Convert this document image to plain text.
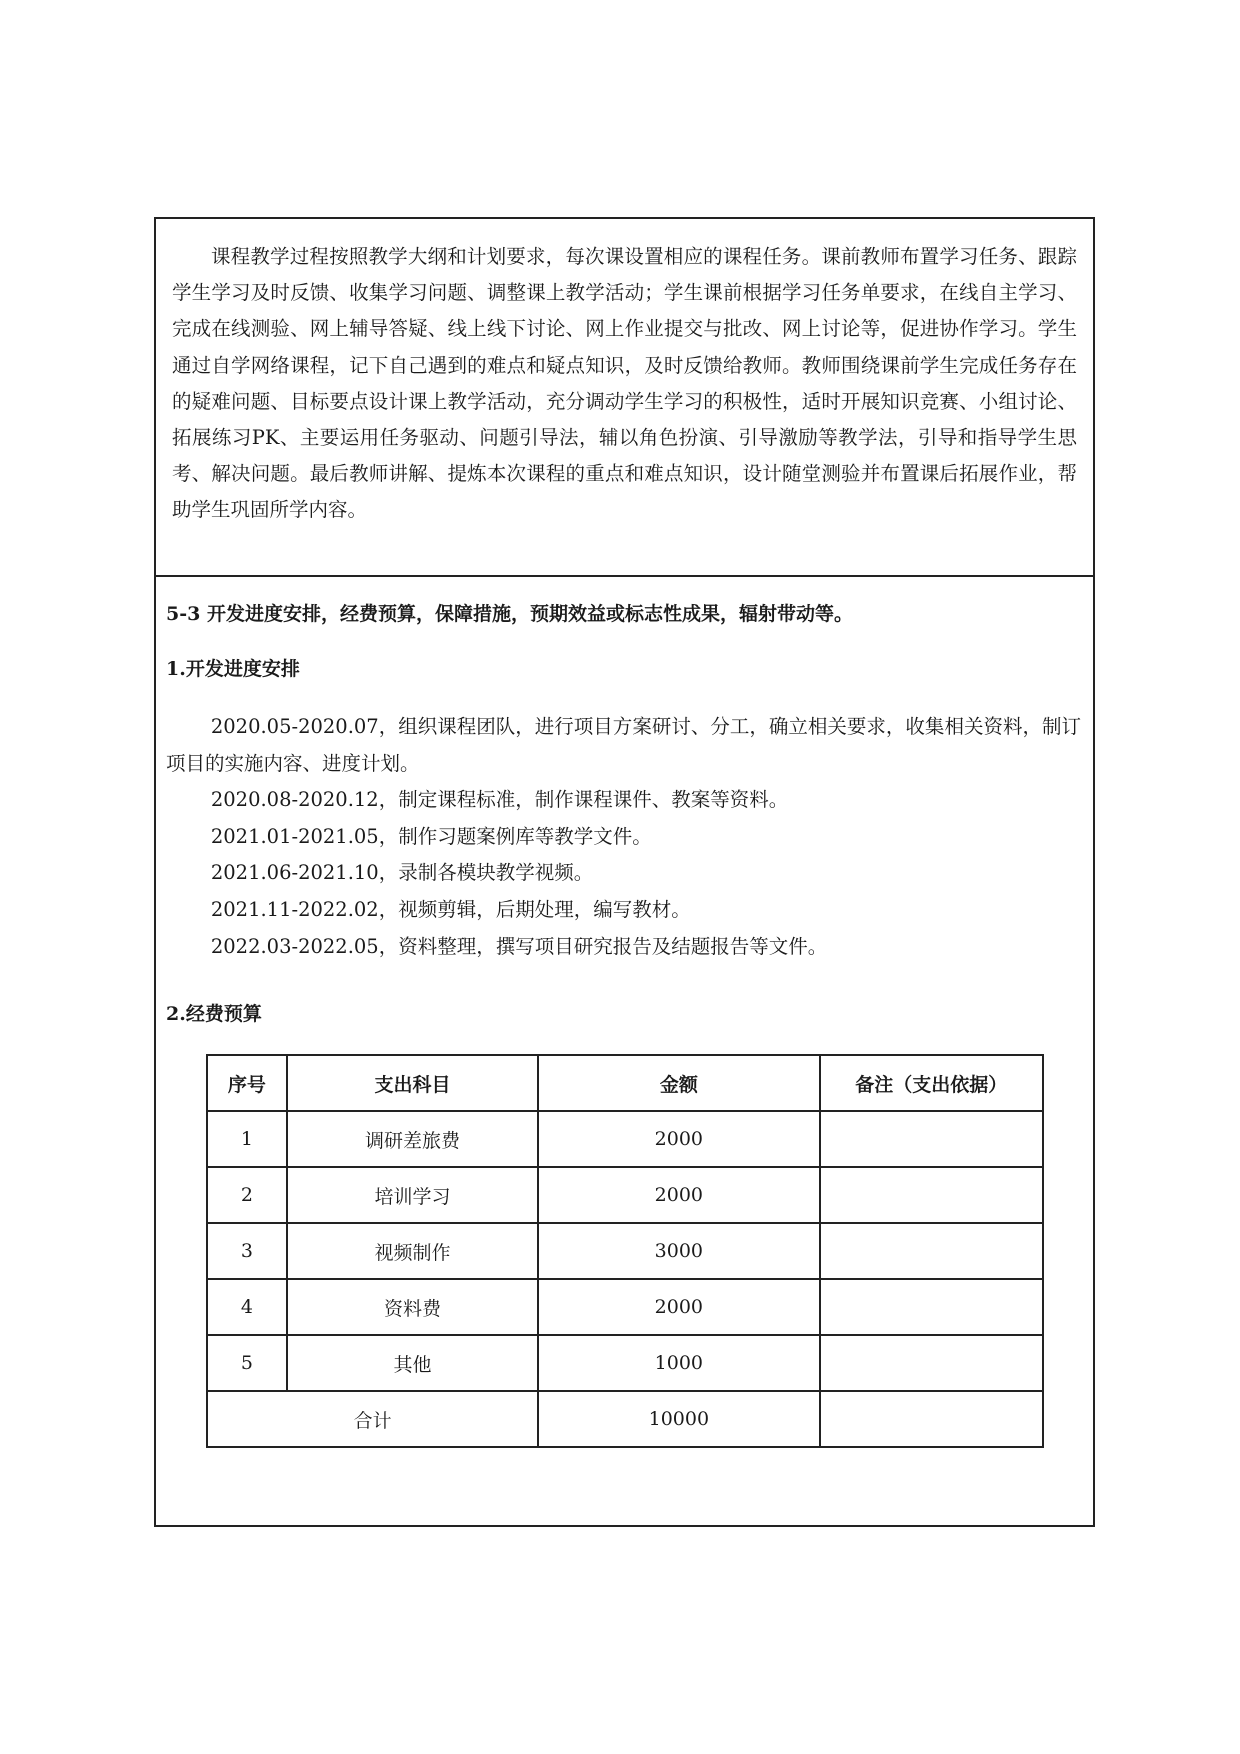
课程教学过程按照教学大纲和计划要求，每次课设置相应的课程任务。课前教师布置学习任务、跟踪学生学习及时反馈、收集学习问题、调整课上教学活动；学生课前根据学习任务单要求，在线自主学习、完成在线测验、网上辅导答疑、线上线下讨论、网上作业提交与批改、网上讨论等，促进协作学习。学生通过自学网络课程，记下自己遇到的难点和疑点知识，及时反馈给教师。教师围绕课前学生完成任务存在的疑难问题、目标要点设计课上教学活动，充分调动学生学习的积极性，适时开展知识竞赛、小组讨论、拓展练习PK、主要运用任务驱动、问题引导法，辅以角色扮演、引导激励等教学法，引导和指导学生思考、解决问题。最后教师讲解、提炼本次课程的重点和难点知识，设计随堂测验并布置课后拓展作业，帮助学生巩固所学内容。

5-3 开发进度安排，经费预算，保障措施，预期效益或标志性成果，辐射带动等。

1.开发进度安排

2020.05-2020.07，组织课程团队，进行项目方案研讨、分工，确立相关要求，收集相关资料，制订项目的实施内容、进度计划。
2020.08-2020.12，制定课程标准，制作课程课件、教案等资料。
2021.01-2021.05，制作习题案例库等教学文件。
2021.06-2021.10，录制各模块教学视频。
2021.11-2022.02，视频剪辑，后期处理，编写教材。
2022.03-2022.05，资料整理，撰写项目研究报告及结题报告等文件。

2.经费预算

序号	支出科目	金额	备注（支出依据）
1	调研差旅费	2000	
2	培训学习	2000	
3	视频制作	3000	
4	资料费	2000	
5	其他	1000	
合计		10000	
